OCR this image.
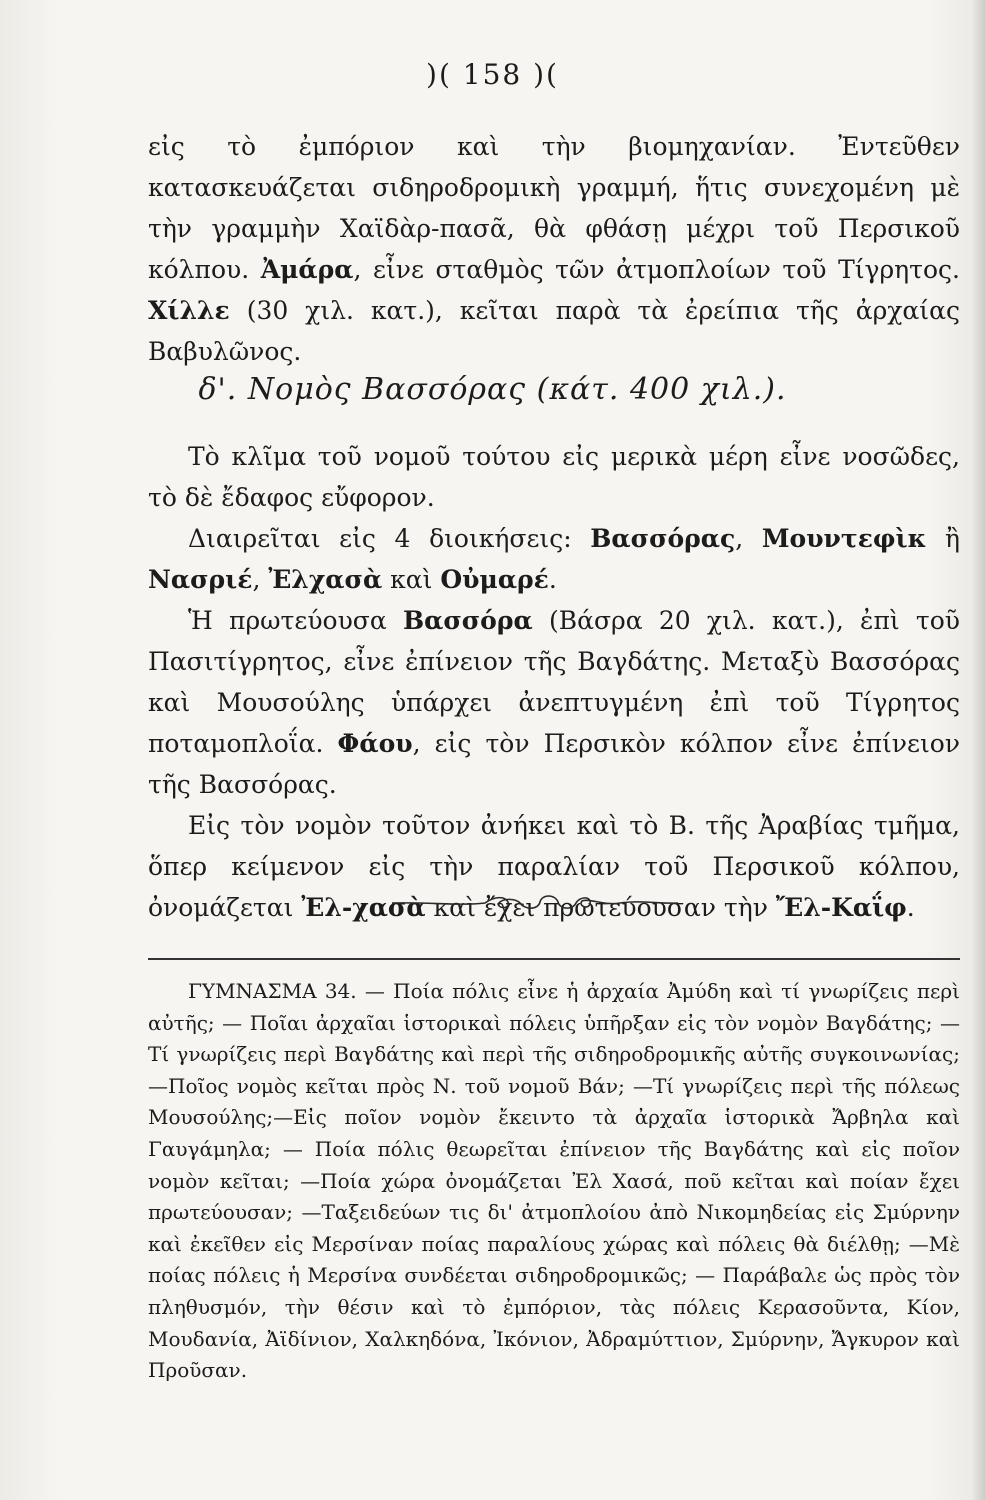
)( 158 )(

εἰς τὸ ἐμπόριον καὶ τὴν βιομηχανίαν. Ἐντεῦθεν κατασκευάζεται σιδηροδρομικὴ γραμμή, ἥτις συνεχομένη μὲ τὴν γραμμὴν Χαϊδὰρ-πασᾶ, θὰ φθάσῃ μέχρι τοῦ Περσικοῦ κόλπου. Ἀμάρα, εἶνε σταθμὸς τῶν ἀτμοπλοίων τοῦ Τίγρητος. Χίλλε (30 χιλ. κατ.), κεῖται παρὰ τὰ ἐρείπια τῆς ἀρχαίας Βαβυλῶνος.

δ'. Νομὸς Βασσόρας (κάτ. 400 χιλ.).

Τὸ κλῖμα τοῦ νομοῦ τούτου εἰς μερικὰ μέρη εἶνε νοσῶδες, τὸ δὲ ἔδαφος εὔφορον.

Διαιρεῖται εἰς 4 διοικήσεις: Βασσόρας, Μουντεφὶκ ἢ Νασριέ, Ἐλχασὰ καὶ Οὐμαρέ.

Ἡ πρωτεύουσα Βασσόρα (Βάσρα 20 χιλ. κατ.), ἐπὶ τοῦ Πασιτίγρητος, εἶνε ἐπίνειον τῆς Βαγδάτης. Μεταξὺ Βασσόρας καὶ Μουσούλης ὑπάρχει ἀνεπτυγμένη ἐπὶ τοῦ Τίγρητος ποταμοπλοΐα. Φάου, εἰς τὸν Περσικὸν κόλπον εἶνε ἐπίνειον τῆς Βασσόρας.

Εἰς τὸν νομὸν τοῦτον ἀνήκει καὶ τὸ Β. τῆς Ἀραβίας τμῆμα, ὅπερ κείμενον εἰς τὴν παραλίαν τοῦ Περσικοῦ κόλπου, ὀνομάζεται Ἐλ-χασὰ καὶ ἔχει πρωτεύουσαν τὴν Ἔλ-Καΐφ.

ΓΥΜΝΑΣΜΑ 34. — Ποία πόλις εἶνε ἡ ἀρχαία Ἀμύδη καὶ τί γνωρίζεις περὶ αὐτῆς; — Ποῖαι ἀρχαῖαι ἱστορικαὶ πόλεις ὑπῆρξαν εἰς τὸν νομὸν Βαγδάτης; — Τί γνωρίζεις περὶ Βαγδάτης καὶ περὶ τῆς σιδηροδρομικῆς αὐτῆς συγκοινωνίας;—Ποῖος νομὸς κεῖται πρὸς Ν. τοῦ νομοῦ Βάν; —Τί γνωρίζεις περὶ τῆς πόλεως Μουσούλης;—Εἰς ποῖον νομὸν ἔκειντο τὰ ἀρχαῖα ἱστορικὰ Ἄρβηλα καὶ Γαυγάμηλα; — Ποία πόλις θεωρεῖται ἐπίνειον τῆς Βαγδάτης καὶ εἰς ποῖον νομὸν κεῖται; —Ποία χώρα ὀνομάζεται Ἐλ Χασά, ποῦ κεῖται καὶ ποίαν ἔχει πρωτεύουσαν; —Ταξειδεύων τις δι' ἀτμοπλοίου ἀπὸ Νικομηδείας εἰς Σμύρνην καὶ ἐκεῖθεν εἰς Μερσίναν ποίας παραλίους χώρας καὶ πόλεις θὰ διέλθῃ; —Μὲ ποίας πόλεις ἡ Μερσίνα συνδέεται σιδηροδρομικῶς; — Παράβαλε ὡς πρὸς τὸν πληθυσμόν, τὴν θέσιν καὶ τὸ ἐμπόριον, τὰς πόλεις Κερασοῦντα, Κίον, Μουδανία, Ἀϊδίνιον, Χαλκηδόνα, Ἰκόνιον, Ἀδραμύττιον, Σμύρνην, Ἄγκυρον καὶ Προῦσαν.
